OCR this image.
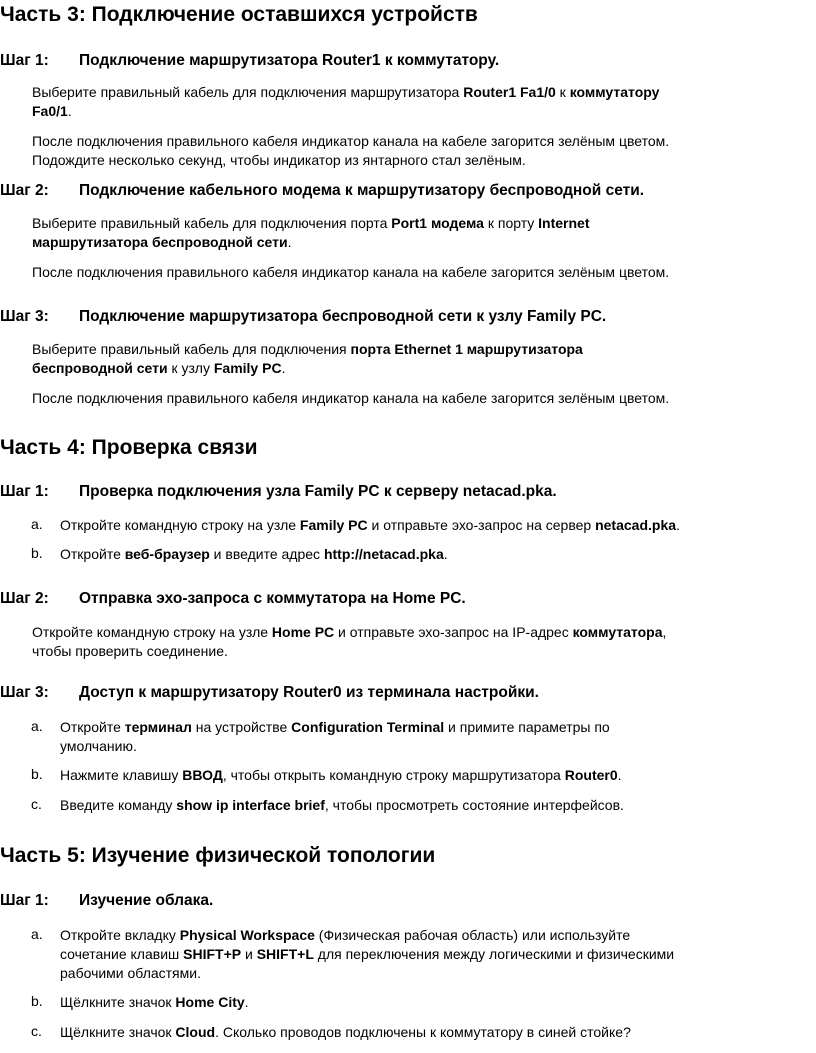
Часть 3: Подключение оставшихся устройств
Шаг 1: Подключение маршрутизатора Router1 к коммутатору.
Выберите правильный кабель для подключения маршрутизатора Router1 Fa1/0 к коммутатору
Fa0/1.
После подключения правильного кабеля индикатор канала на кабеле загорится зелёным цветом.
Подождите несколько секунд, чтобы индикатор из янтарного стал зелёным.
Шаг 2: Подключение кабельного модема к маршрутизатору беспроводной сети.
Выберите правильный кабель для подключения порта Port1 модема к порту Internet
маршрутизатора беспроводной сети.
После подключения правильного кабеля индикатор канала на кабеле загорится зелёным цветом.
Шаг 3: Подключение маршрутизатора беспроводной сети к узлу Family PC.
Выберите правильный кабель для подключения порта Ethernet 1 маршрутизатора
беспроводной сети к узлу Family PC.
После подключения правильного кабеля индикатор канала на кабеле загорится зелёным цветом.
Часть 4: Проверка связи
Шаг 1: Проверка подключения узла Family PC к серверу netacad.pka.
a. Откройте командную строку на узле Family PC и отправьте эхо-запрос на сервер netacad.pka.
b. Откройте веб-браузер и введите адрес http://netacad.pka.
Шаг 2: Отправка эхо-запроса с коммутатора на Home PC.
Откройте командную строку на узле Home PC и отправьте эхо-запрос на IP-адрес коммутатора,
чтобы проверить соединение.
Шаг 3: Доступ к маршрутизатору Router0 из терминала настройки.
a. Откройте терминал на устройстве Configuration Terminal и примите параметры по
умолчанию.
b. Нажмите клавишу ВВОД, чтобы открыть командную строку маршрутизатора Router0.
c. Введите команду show ip interface brief, чтобы просмотреть состояние интерфейсов.
Часть 5: Изучение физической топологии
Шаг 1: Изучение облака.
a. Откройте вкладку Physical Workspace (Физическая рабочая область) или используйте
сочетание клавиш SHIFT+P и SHIFT+L для переключения между логическими и физическими
рабочими областями.
b. Щёлкните значок Home City.
c. Щёлкните значок Cloud. Сколько проводов подключены к коммутатору в синей стойке?
